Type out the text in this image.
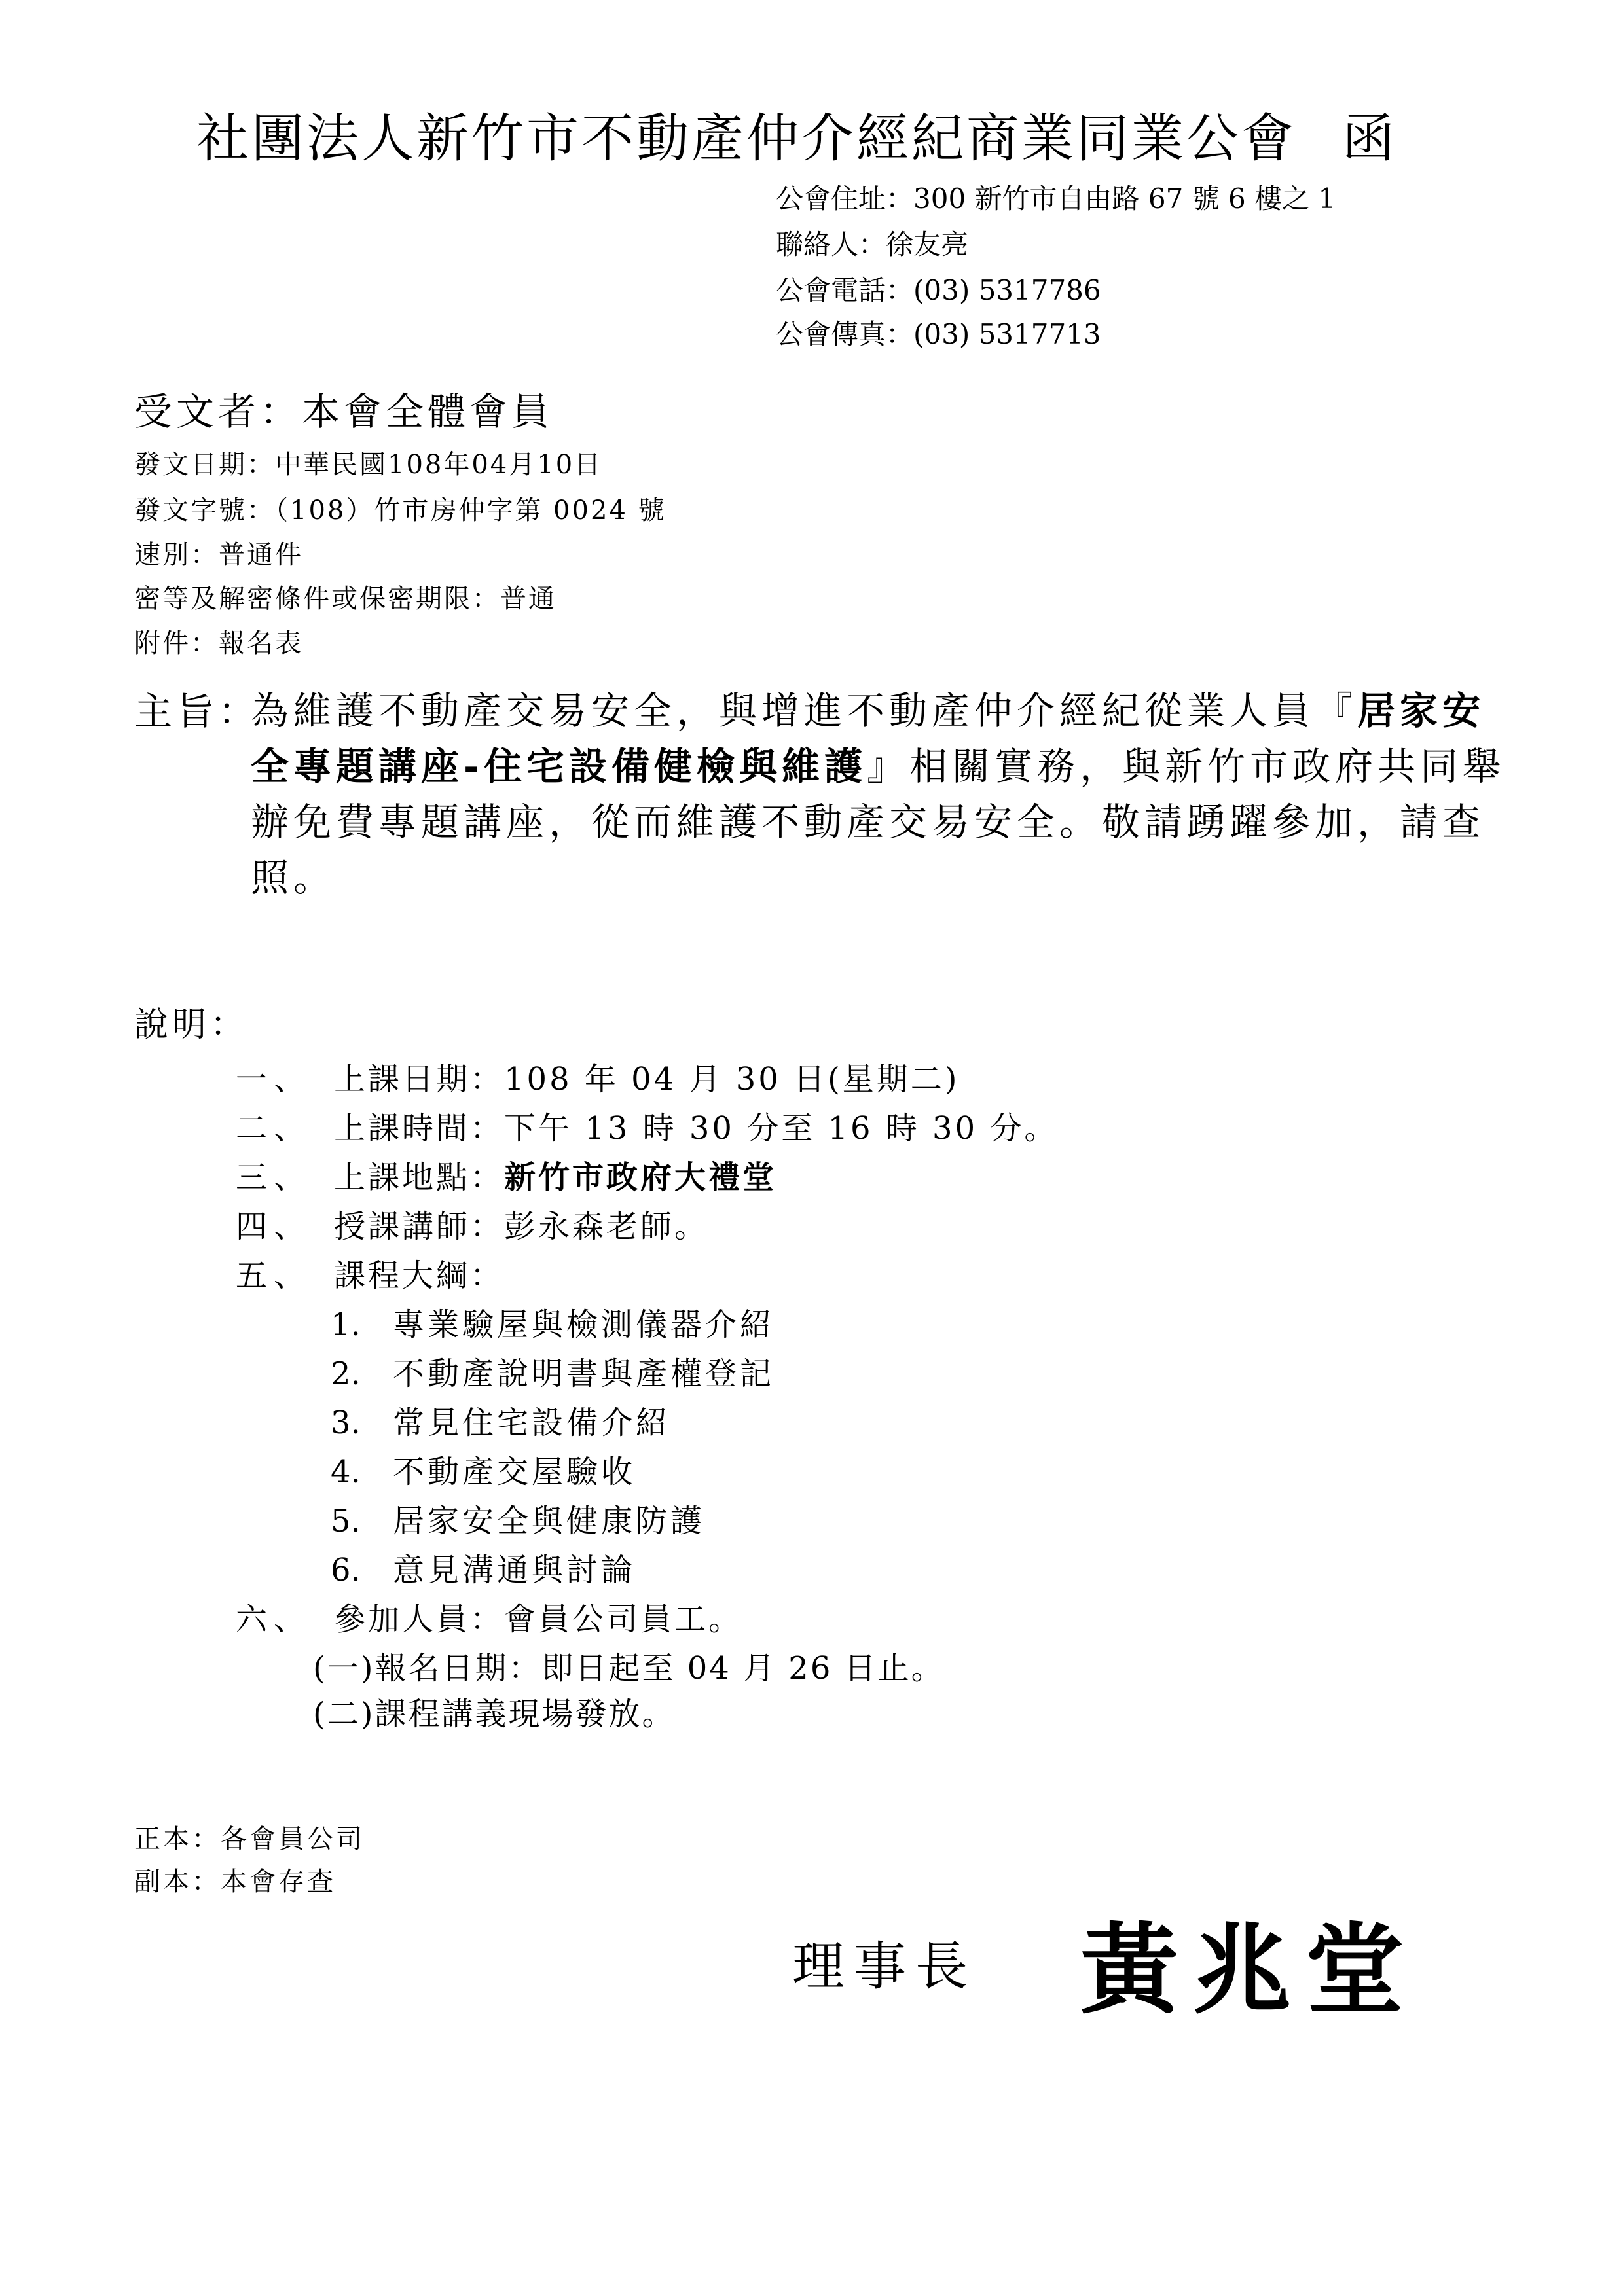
社團法人新竹市不動產仲介經紀商業同業公會 函
公會住址：300 新竹市自由路 67 號 6 樓之 1
聯絡人：徐友亮
公會電話：(03) 5317786
公會傳真：(03) 5317713
受文者：本會全體會員
發文日期：中華民國108年04月10日
發文字號：（108）竹市房仲字第 0024 號
速別：普通件
密等及解密條件或保密期限：普通
附件：報名表
主旨：
為維護不動產交易安全，與增進不動產仲介經紀從業人員『居家安全專題講座-住宅設備健檢與維護』相關實務，與新竹市政府共同舉辦免費專題講座，從而維護不動產交易安全。敬請踴躍參加，請查照。
說明：
一、 上課日期：108 年 04 月 30 日(星期二)
二、 上課時間：下午 13 時 30 分至 16 時 30 分。
三、 上課地點：新竹市政府大禮堂
四、 授課講師：彭永森老師。
五、 課程大綱：
1. 專業驗屋與檢測儀器介紹
2. 不動產說明書與產權登記
3. 常見住宅設備介紹
4. 不動產交屋驗收
5. 居家安全與健康防護
6. 意見溝通與討論
六、 參加人員：會員公司員工。
(一)報名日期：即日起至 04 月 26 日止。
(二)課程講義現場發放。
正本：各會員公司
副本：本會存查
理事長 黃兆堂
